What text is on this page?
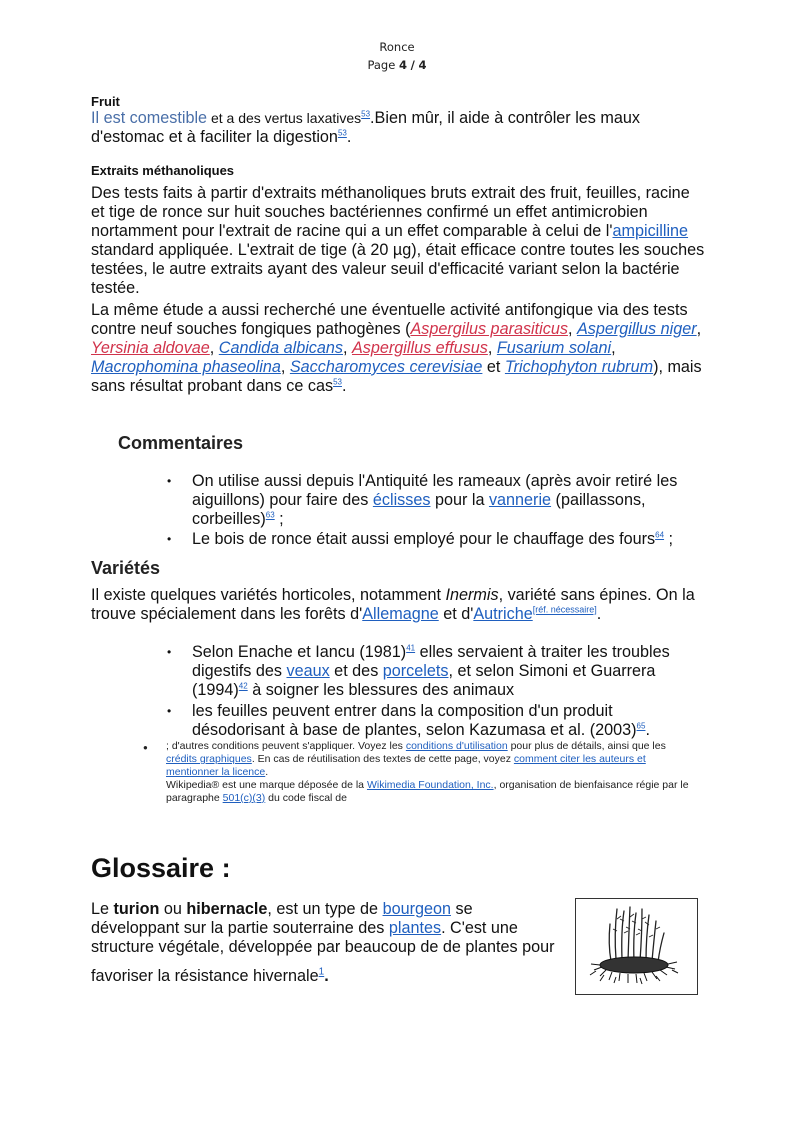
Ronce
Page 4 / 4
Fruit
Il est comestible et a des vertus laxatives$^{53}$.Bien mûr, il aide à contrôler les maux d'estomac et à faciliter la digestion$^{53}$.
Extraits méthanoliques
Des tests faits à partir d'extraits méthanoliques bruts extrait des fruit, feuilles, racine et tige de ronce sur huit souches bactériennes confirmé un effet antimicrobien nortamment pour l'extrait de racine qui a un effet comparable à celui de l'ampicilline standard appliquée. L'extrait de tige (à 20 µg), était efficace contre toutes les souches testées, le autre extraits ayant des valeur seuil d'efficacité variant selon la bactérie testée.
La même étude a aussi recherché une éventuelle activité antifongique via des tests contre neuf souches fongiques pathogènes (Aspergilus parasiticus, Aspergillus niger, Yersinia aldovae, Candida albicans, Aspergillus effusus, Fusarium solani, Macrophomina phaseolina, Saccharomyces cerevisiae et Trichophyton rubrum), mais sans résultat probant dans ce cas$^{53}$.
Commentaires
• On utilise aussi depuis l'Antiquité les rameaux (après avoir retiré les aiguillons) pour faire des éclisses pour la vannerie (paillassons, corbeilles)$^{63}$ ;
• Le bois de ronce était aussi employé pour le chauffage des fours$^{64}$ ;
Variétés
Il existe quelques variétés horticoles, notamment Inermis, variété sans épines. On la trouve spécialement dans les forêts d'Allemagne et d'Autriche[réf. nécessaire].
• Selon Enache et Iancu $(1981)^{41}$ elles servaient à traiter les troubles digestifs des veaux et des porcelets, et selon Simoni et Guarrera $(1994)^{42}$ à soigner les blessures des animaux
• les feuilles peuvent entrer dans la composition d'un produit désodorisant à base de plantes, selon Kazumasa et al. $(2003)^{65}$.
● ; d'autres conditions peuvent s'appliquer. Voyez les conditions d'utilisation pour plus de détails, ainsi que les crédits graphiques. En cas de réutilisation des textes de cette page, voyez comment citer les auteurs et mentionner la licence.
Wikipedia® est une marque déposée de la Wikimedia Foundation, Inc., organisation de bienfaisance régie par le paragraphe 501(c)(3) du code fiscal de
Glossaire :
Le turion ou hibernacle, est un type de bourgeon se développant sur la partie souterraine des plantes. C'est une structure végétale, développée par beaucoup de de plantes pour
favoriser la résistance hivernale$^1$.
